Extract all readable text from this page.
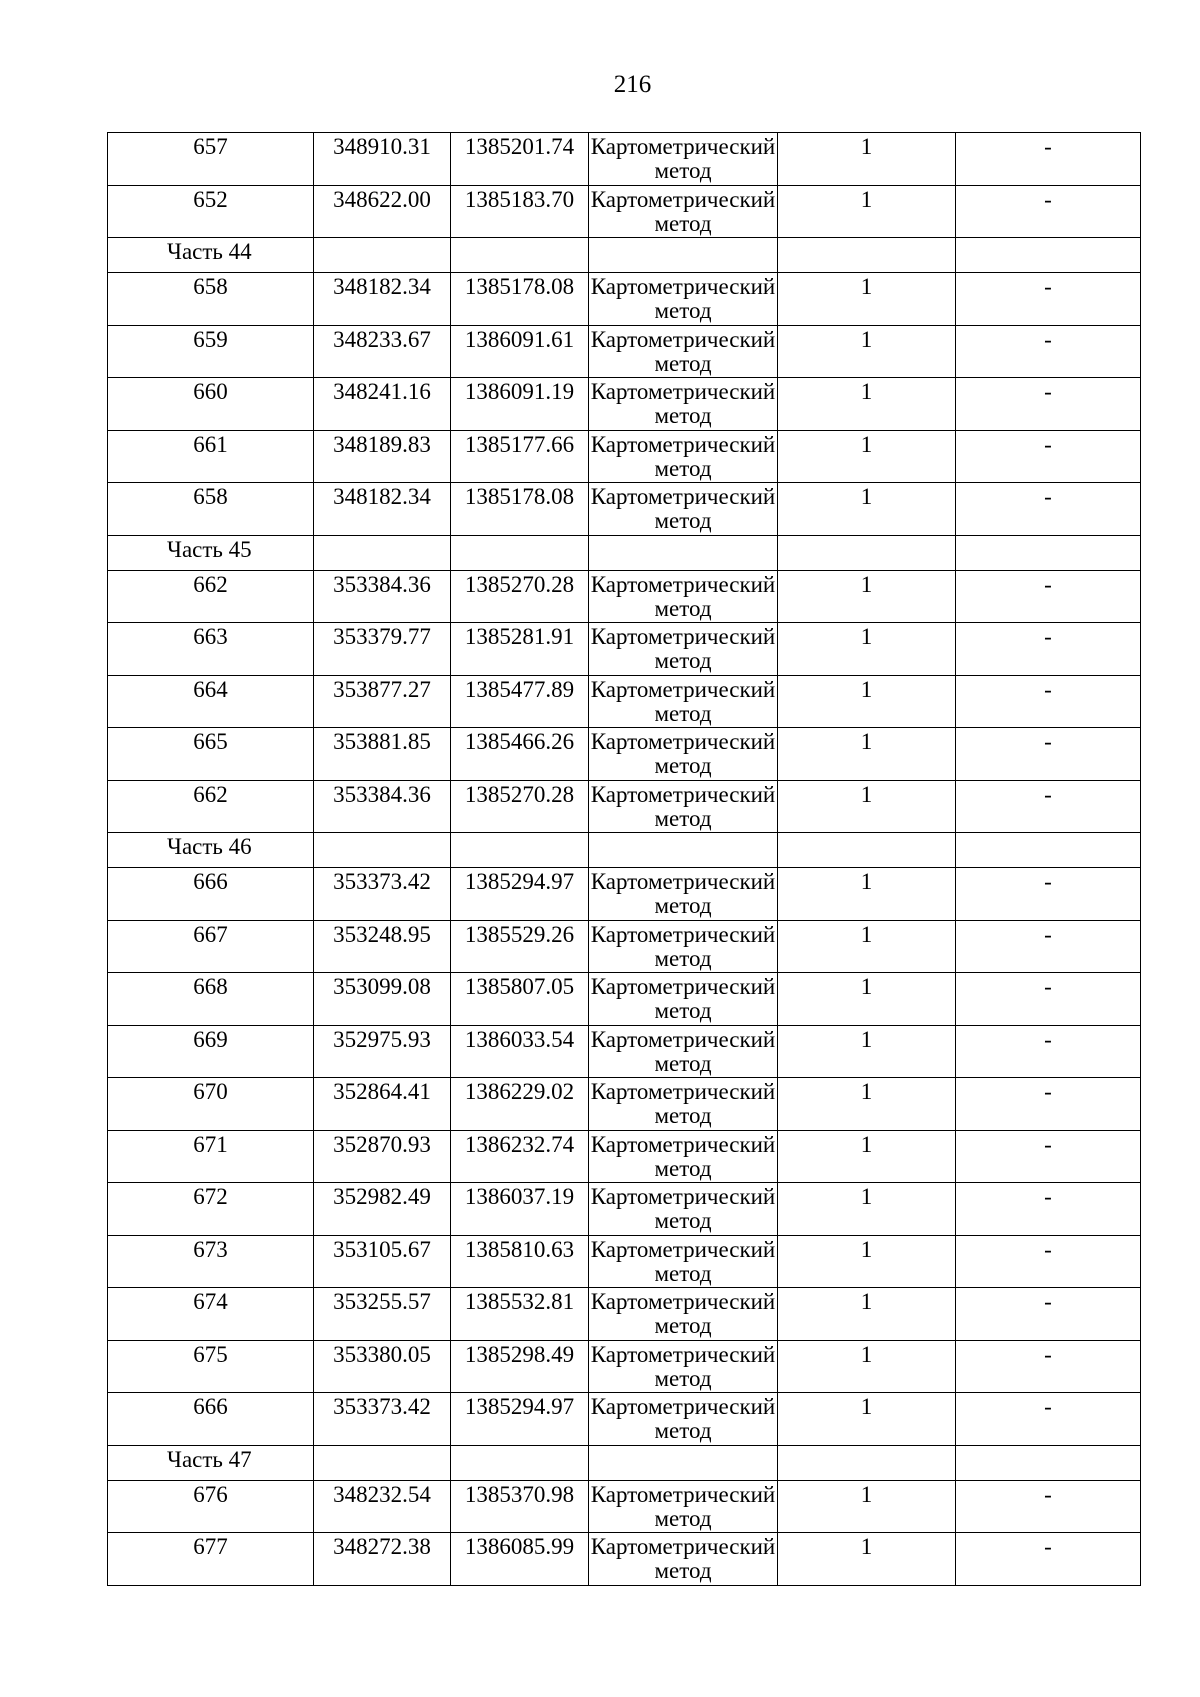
216
657	348910.31	1385201.74	Картометрический метод	1	-
652	348622.00	1385183.70	Картометрический метод	1	-
Часть 44					
658	348182.34	1385178.08	Картометрический метод	1	-
659	348233.67	1386091.61	Картометрический метод	1	-
660	348241.16	1386091.19	Картометрический метод	1	-
661	348189.83	1385177.66	Картометрический метод	1	-
658	348182.34	1385178.08	Картометрический метод	1	-
Часть 45					
662	353384.36	1385270.28	Картометрический метод	1	-
663	353379.77	1385281.91	Картометрический метод	1	-
664	353877.27	1385477.89	Картометрический метод	1	-
665	353881.85	1385466.26	Картометрический метод	1	-
662	353384.36	1385270.28	Картометрический метод	1	-
Часть 46					
666	353373.42	1385294.97	Картометрический метод	1	-
667	353248.95	1385529.26	Картометрический метод	1	-
668	353099.08	1385807.05	Картометрический метод	1	-
669	352975.93	1386033.54	Картометрический метод	1	-
670	352864.41	1386229.02	Картометрический метод	1	-
671	352870.93	1386232.74	Картометрический метод	1	-
672	352982.49	1386037.19	Картометрический метод	1	-
673	353105.67	1385810.63	Картометрический метод	1	-
674	353255.57	1385532.81	Картометрический метод	1	-
675	353380.05	1385298.49	Картометрический метод	1	-
666	353373.42	1385294.97	Картометрический метод	1	-
Часть 47					
676	348232.54	1385370.98	Картометрический метод	1	-
677	348272.38	1386085.99	Картометрический метод	1	-
